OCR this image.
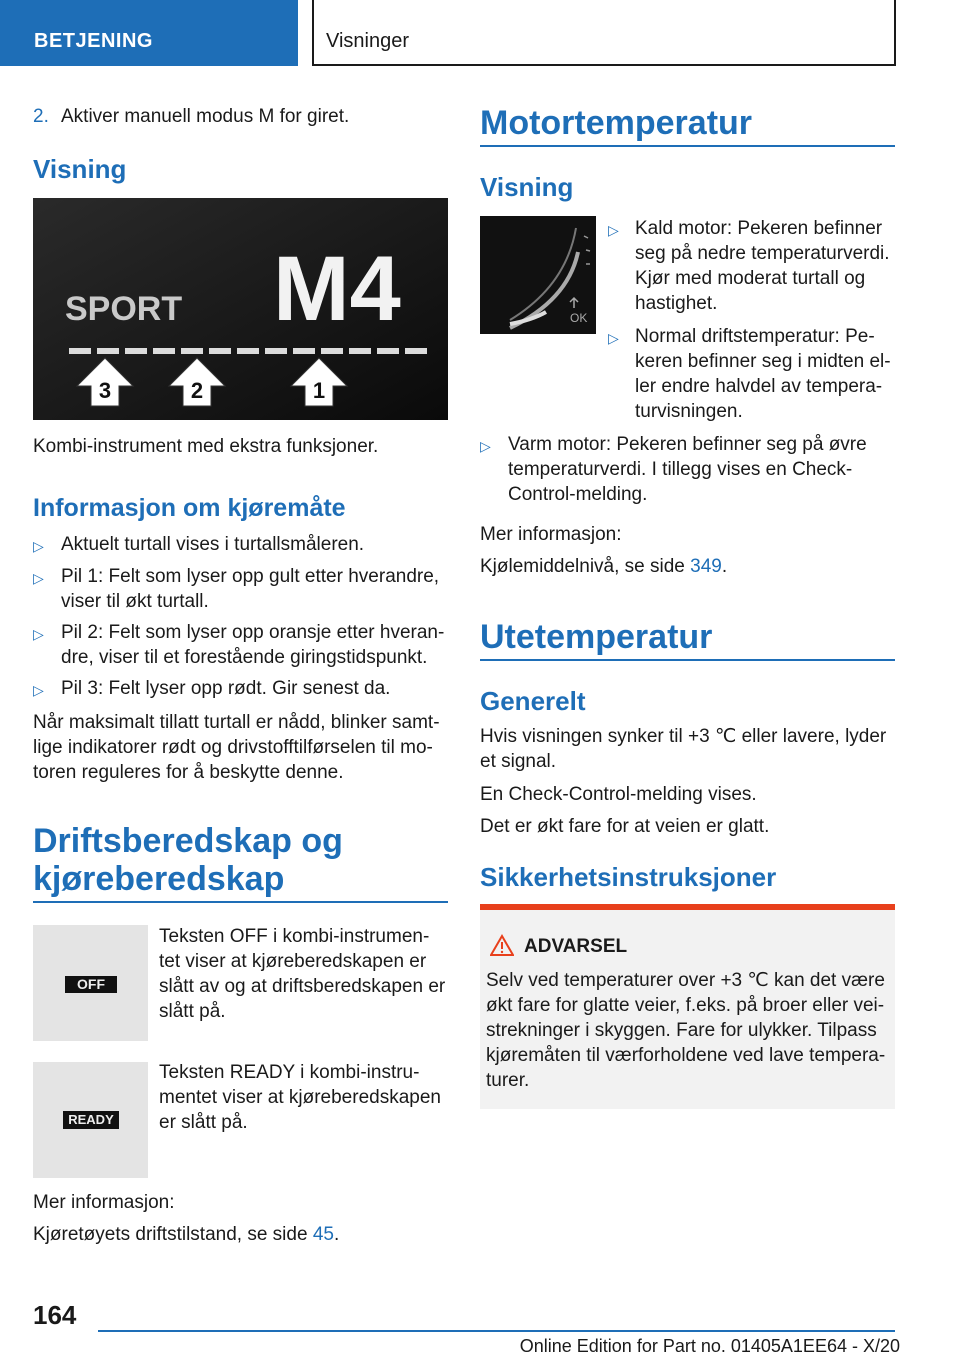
BETJENING	Visninger
2. Aktiver manuell modus M for giret.
Visning
SPORT M4
3	2	1
Kombi-instrument med ekstra funksjoner.
Informasjon om kjøremåte
▷ Aktuelt turtall vises i turtallsmåleren.
▷ Pil 1: Felt som lyser opp gult etter hverandre,
viser til økt turtall.
▷ Pil 2: Felt som lyser opp oransje etter hveran-
dre, viser til et forestående giringstidspunkt.
▷ Pil 3: Felt lyser opp rødt. Gir senest da.
Når maksimalt tillatt turtall er nådd, blinker samt-
lige indikatorer rødt og drivstofftilførselen til mo-
toren reguleres for å beskytte denne.
Driftsberedskap og
kjøreberedskap
OFF
Teksten OFF i kombi-instrumen-
tet viser at kjøreberedskapen er
slått av og at driftsberedskapen er
slått på.
READY
Teksten READY i kombi-instru-
mentet viser at kjøreberedskapen
er slått på.
Mer informasjon:
Kjøretøyets driftstilstand, se side 45.
Motortemperatur
Visning
OK
▷ Kald motor: Pekeren befinner
seg på nedre temperaturverdi.
Kjør med moderat turtall og
hastighet.
▷ Normal driftstemperatur: Pe-
keren befinner seg i midten el-
ler endre halvdel av tempera-
turvisningen.
▷ Varm motor: Pekeren befinner seg på øvre
temperaturverdi. I tillegg vises en Check-
Control-melding.
Mer informasjon:
Kjølemiddelnivå, se side 349.
Utetemperatur
Generelt
Hvis visningen synker til +3 ℃ eller lavere, lyder
et signal.
En Check-Control-melding vises.
Det er økt fare for at veien er glatt.
Sikkerhetsinstruksjoner
ADVARSEL
Selv ved temperaturer over +3 ℃ kan det være
økt fare for glatte veier, f.eks. på broer eller vei-
strekninger i skyggen. Fare for ulykker. Tilpass
kjøremåten til værforholdene ved lave tempera-
turer.
164
Online Edition for Part no. 01405A1EE64 - X/20
